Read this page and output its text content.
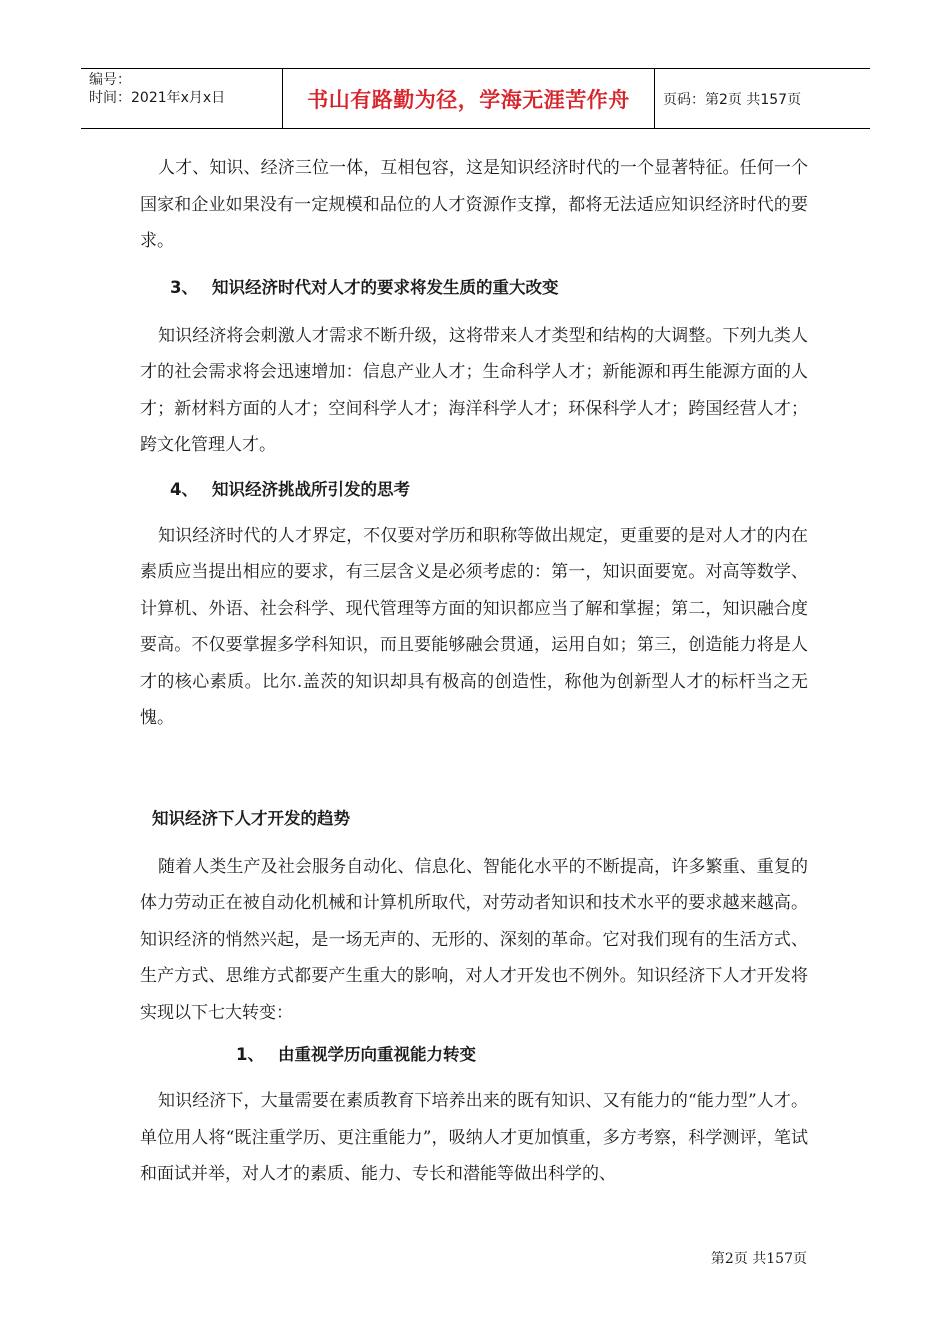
编号：
时间：2021年x月x日	书山有路勤为径，学海无涯苦作舟	页码：第2页 共157页

人才、知识、经济三位一体，互相包容，这是知识经济时代的一个显著特征。任何一个国家和企业如果没有一定规模和品位的人才资源作支撑，都将无法适应知识经济时代的要求。

3、 知识经济时代对人才的要求将发生质的重大改变

知识经济将会刺激人才需求不断升级，这将带来人才类型和结构的大调整。下列九类人才的社会需求将会迅速增加：信息产业人才；生命科学人才；新能源和再生能源方面的人才；新材料方面的人才；空间科学人才；海洋科学人才；环保科学人才；跨国经营人才；跨文化管理人才。

4、 知识经济挑战所引发的思考

知识经济时代的人才界定，不仅要对学历和职称等做出规定，更重要的是对人才的内在素质应当提出相应的要求，有三层含义是必须考虑的：第一，知识面要宽。对高等数学、计算机、外语、社会科学、现代管理等方面的知识都应当了解和掌握；第二，知识融合度要高。不仅要掌握多学科知识，而且要能够融会贯通，运用自如；第三，创造能力将是人才的核心素质。比尔.盖茨的知识却具有极高的创造性，称他为创新型人才的标杆当之无愧。

知识经济下人才开发的趋势

随着人类生产及社会服务自动化、信息化、智能化水平的不断提高，许多繁重、重复的体力劳动正在被自动化机械和计算机所取代，对劳动者知识和技术水平的要求越来越高。知识经济的悄然兴起，是一场无声的、无形的、深刻的革命。它对我们现有的生活方式、生产方式、思维方式都要产生重大的影响，对人才开发也不例外。知识经济下人才开发将实现以下七大转变：

1、 由重视学历向重视能力转变

知识经济下，大量需要在素质教育下培养出来的既有知识、又有能力的“能力型”人才。单位用人将“既注重学历、更注重能力”，吸纳人才更加慎重，多方考察，科学测评，笔试和面试并举，对人才的素质、能力、专长和潜能等做出科学的、

第2页 共157页
